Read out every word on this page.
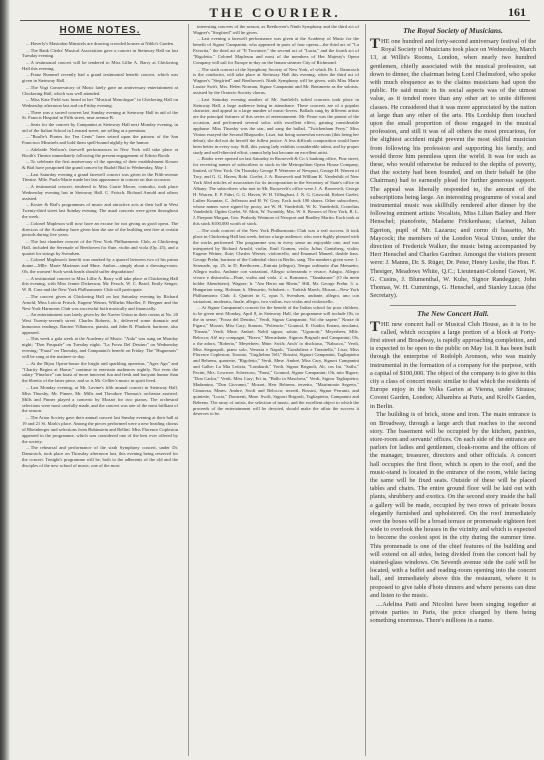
THE COURIER.	161
HOME NOTES.

....Haverly's Mastodon Minstrels are drawing crowded houses at Niblo's Garden.

....The Bank Clerks' Musical Association gave a concert in Steinway Hall on last Tuesday evening.

....A testimonial concert will be tendered to Miss Lillie A. Barry at Chickering Hall this evening.

....Franz Rummel recently had a grand testimonial benefit concert, which was given in Steinway Hall.

....The Vogt Conservatory of Music lately gave an anniversary entertainment at Chickering Hall, which was well attended.

....Miss Kate Field was heard in her "Musical Monologue" in Chickering Hall on Wednesday afternoon last and on Friday evening.

....There was a sacred concert last Sunday evening at Steinway Hall in aid of the St. Francis Hospital in Fifth street, near avenue B.

....Seats for the concert by Campanini at Steinway Hall next Monday evening, in aid of the Italian School in Leonard street, are selling at a premium.

...."Boulle's Pirates for Ten Cents" have seized upon the patrons of the San Francisco Minstrels and hold them spell-bound nightly by the humor.

....Adelaide Neilson's farewell performances in New York will take place at Booth's Theatre immediately following the present engagement of Edwin Booth.

....To celebrate the first anniversary of the opening of their establishment Kosser & Bial have postponed the grand concert by Rudolf Bial to Wednesday, May 1.

....Last Saturday evening a grand farewell concert was given in the Fifth-avenue Theatre. Mlle. Paola-Marie made her last appearance in concert on that occasion.

....A testimonial concert, tendered to Miss Carrie Moore, contralto, took place Wednesday evening last in Steinway Hall. C. Fritsch, Richard Arnold and others assisted.

....Koster & Bial's programmes of music and attractive acts at their hall in West Twenty-third street last Sunday evening. The usual concerts were given throughout the week.

....Colonel Mapleson will now have an excuse for not giving us good opera. The directors of the Academy have given him the use of the building rent free at certain periods during five years.

....The last chamber concert of the New York Philharmonic Club, at Chickering Hall, included the Serenade of Beethoven for flute, violin and viola (Op. 25), and a quartet for strings by Svendsen.

....Colonel Mapleson's benefit was marked by a quarrel between two of his prima donne—Mlle. Marie Marimon and Mme. Ambre—simply about a dressing-room. Oh, the women! Such weak heads should suffer degradation!

....A testimonial concert to Miss Lillie A. Barry will take place at Chickering Hall this evening, with Miss Jennie Dickerson, Mr. Fessch, W. C. Baird, Emily Senger, W. R. Case and the New York Philharmonic Club will participate.

....The concert given at Chickering Hall on last Saturday evening by Richard Arnold, Miss Leticia Fritsch, Eugene Weiner, Wilhelm Mueller, F. Bergner and the New York Harmonic Club was successful both musically and financially.

....An entertainment was lately given by the Xavier Union in their rooms at No. 20 West Twenty-seventh street. Charles Roberts, Jr., delivered some dramatic and humorous readings, Ranieri Villanova, pianist, and John R. Plunkett, baritone, also appeared.

....This week a gala week at the Academy of Music. "Aida" was sung on Monday night; "Don Pasquale" on Tuesday night; "La Forza Del Destino" on Wednesday evening; "Faust" on Thursday, and Campanini's benefit on Friday. The "Huguenots" will be sung at the matinee to-day.

....At the Bijou Opera-house the bright and sparkling operettas, "Ages Ago" and "Charity Begins at Home," continue to entertain audiences nightly. Not even the salary "Pinafore" can boast of more innocent fun and fresh and buoyant humor than the libretto of the latter piece, and so is Mr. Cellier's music in spirit lived.

....Last Monday evening, at Mr. Lavine's fifth annual concert in Steinway Hall, Miss Thursby, Mr. Pinner, Mr. Mills and Theodore Thomas's orchestra assisted. Mills and Pinner played a concerto by Mozart for two pianos. The orchestral selections were most carefully made, and the concert was one of the most brilliant of the season.

....The Arion Society gave their annual concert last Sunday evening at their hall at 19 and 21 St. Mark's place. Among the pieces performed were a new heading chorus of Rheinberger and selections from Rubinstein and Bellini. Miss Florence Copleston appeared in the programme, which was considered one of the best ever offered by the society.

....The rehearsal and performance of the sixth Symphony concert, under Dr. Damrosch, took place on Thursday afternoon last, this evening being reserved for the concert. Tonight's programme will be, both to the adherents of the old and the disciples of the new school of music, one of the most

interesting concerts of the season, as Beethoven's Ninth Symphony and the third act of Wagner's "Siegfried" will be given.

....Last evening a farewell performance was given at the Academy of Music for the benefit of Signor Campanini, who appeared in parts of four operas—the third act of "La Favorita," the third act of "Il Trovatore," the second act of "Lucia," and the fourth act of "Rigoletto." Colonel Mapleson and most of the members of Her Majesty's Opera Company will sail for Europe to-day on the Inman steamer City of Richmond.

....The sixth concert of the Symphony Society of New York, of which Dr. L. Damrosch is the conductor, will take place at Steinway Hall this evening, when the third act of Wagner's "Siegfried" and Beethoven's Ninth Symphony will be given, with Miss Marie Louise Swift, Mrs. Helen Norman, Signor Campanini and Mr. Remmertz as the soloists, assisted by the Oratorio Society chorus.

....Last Saturday evening another of Mr. Sanfield's tufted concerts took place in Steinway Hall, a large audience being in attendance. These concerts are of a popular character, and appeal to a large number of music-lovers. Ballads sung by different artists are the principal features of this series of entertainment. Mr. Pease was the pianist of the occasion, and performed several solos with excellent effect, gaining considerable applause. Miss Thursby was the star, and sang the ballad, "Twickenham Ferry." Miss Vinton essayed the Second Rhapsodie, Liszt, but being somewhat nervous (this being her debut), she did not do herself the fullest justice. A less difficult composition would have been better in every way. Still, this young lady exhibits considerable talent, and by proper study and well-directed effort, cannot help but become an excellent artist.

....Books were opened on last Saturday in Roosevelt & Co.'s banking office, Pine street, for receiving names of subscribers to stock in the Metropolitan Opera House Company, limited, of New York. On Thursday George P. Wetmore of Newport, George H. Warren of Troy, and G. G. Haven, Robt. Goelet, J. A. Roosevelt and William K. Vanderbilt of New York filed articles of association for its incorporation in the Secretary of State's office in Albany. The subscribers who met in Mr. Roosevelt's office were J. A. Roosevelt, George H. Warren, E. P. Fabri, G. G. Haven, W. H. Tillinghast, J. N. G. Griswold, Robert Goelet, Luther Kountze, C. Jefferson and H. W. Gray. Each took 100 shares. Other subscribers, whose names were signed by proxy, are W. H. Vanderbilt, W. K. Vanderbilt, Cornelius Vanderbilt, Ogden Goelet, W. Mott, W. Twombly, Mrs. W. S. Bowers of New York, R. L. J. Pierpont Morgan, Geo. Peabody Wetmore of Newport and Bradley Martin. Each took at this stock $100,000 worth of stock.

....The sixth concert of the New York Philharmonic Club was a real success. It took place in Chickering Hall last week, before a large audience, who were highly pleased with the works performed. The programme was in every sense an enjoyable one, and was interpreted by Richard Arnold, violin; Emil Gramm, viola; Julius Gantzberg, violin; Eugene Weiner, flute; Charles Werner, violoncello, and Emanuel Manzel, double bass. George Prehn, baritone of the Cathedral choir in Berlin, sang. The numbers given were: 1. Serenade, op. 25, in D, Beethoven—Entrata (allegro), Tempo ordinario d'un Menuetto, Allegro molto, Andante con variazioni, Allegro scherzando e vivace, Adagio, Allegro vivace e disinvolto—Flute, violin and viola. 2. a. Romance, "Tannhauser" (O du mein holder Abendstern), Wagner; b. "Am Herrn am Rhein," Hill, Mr. George Prehn. 3. a. Hungarian song, Hofman; b. Menuetto, Schubert; c. Turkish March, Mozart—New York Philharmonic Club. 4. Quintet in C, opus 5, Svendsen, andante, allegro, uno con variazioni, moderato, finale, allegro, two violins, two violas and violoncello.

....At Signor Campanini's concert for the benefit of the Italian school for poor children, to be given next Monday, April 8, in Steinway Hall, the programme will include Oh, to the in sense; "Forza del Destino," Verdi, Signor Campanini; Vol che sapete," Nozze di Figaro," Mozart, Miss Cary; Stanzas, "Polieucte," Gounod, E. Ouidio; Ernani, involami, "Ernani," Verdi, Mme. Ambré; Nobil signor, salute, "Ugonotti," Meyerbeer, Mlle. Belocca; Ah! my compagni, "Bravo," Mercadante, Signors Brignoli and Campanini; Oh, o the adora, "Roberto," Meyerbeer, Mme. Swift; Anch' io dischiuso, "Nabucco," Verdi, Miss Stegnapali; piano solo, Venezia e Napoli, "Gondoliera e Tarantella," Liszt, Miss Florence Copleston; Toronto, "Guglielmo Tell," Rossini, Signori Campanini, Tagliapietra and Behrens, quartette, "Rigoletto," Verdi, Mme. Ambré, Miss Cary, Signori Campanini and Galbe; La Mia Letizia, "Lombardi," Verdi, Signor Brignoli; Ah, cos Ini, "Saffo," Pacini, Mrs. Lowrore; Scherzoso, "Faust," Gounod, Signor Campanini; Oh, mio Rigore, "Don Carlos," Verdi, Miss Cary; Eri tu, "Ballo in Maschera," Verdi, Signor Tagliapietra; Madamina, "Don Giovanni," Mozart, Herr Behrens; terzetto, "Matrimonio Segreto," Cimarosa, Mmes. Ambre, Swift and Belocca; terzettl, Rossini, Signor Ferranti, and quintette, "Lucia," Donizetti, Mme. Swift, Signori Brignoli, Tagliapietra, Campanini and Behrens. The array of artists, the selection of music, and the excellent object to which the proceeds of the entertainment will be devoted, should make the affair the success it deserves to be.

The Royal Society of Musicians.

THE one hundred and forty-second anniversary festival of the Royal Society of Musicians took place on Wednesday, March 13, at Willis's Rooms, London, when nearly two hundred gentlemen, chiefly associated with the musical profession, sat down to dinner, the chairman being Lord Chelmsford, who spoke with much eloquence as to the claims musicians had upon the public. He said music in its social aspects was of the utmost value, as it tended more than any other art to unite different classes. He considered that it was more appreciated by the nation at large than any other of the arts. His Lordship then touched upon the small proportion of those engaged in the musical profession, and still it was of all others the most precarious, for the slightest accident might prevent the most skillful musician from following his profession and supporting his family, and would throw him penniless upon the world. It was for such as these, who would otherwise be reduced to the depths of poverty, that the society had been founded, and on their behalf he (the Chairman) had to earnestly plead for further generous support. The appeal was liberally responded to, the amount of the subscriptions being large. An interesting programme of vocal and instrumental music was skillfully rendered after dinner by the following eminent artists: Vocalists, Miss Lilian Bailey and Herr Henschel; pianoforte, Madame Frickenhaus; clarinet, Julian Egerton, pupil of Mr. Lazarus; and corno di bassetto, Mr. Maycock; the members of the London Vocal Union, under the direction of Frederick Walker, the music being accompanied by Herr Henschel and Charles Gardner. Amongst the visitors present were: J. Manns, Dr. S. Rüger, Dr. Peter, Henry Leslie, the Hon. F. Thesiger, Meadows White, Q.C.; Lieutenant-Colonel Gowet, W. G. Cusins, J. Blumenthal, W. Kuhe, Signor Randegger, John Thomas, W. H. Cummings, G. Henschel, and Stanley Lucas (the Secretary).

The New Concert Hall.

THE new concert hall or Musical Club House, as it is to be called, which occupies a large portion of a block at Forty-first street and Broadway, is rapidly approaching completion, and is expected to be open to the public on May 1st. It has been built through the enterprise of Rodolph Aronson, who was mainly instrumental in the formation of a company for the purpose, with a capital of $100,000. The object of the company is to give to this city a class of concert music similar to that which the residents of Europe enjoy in the Volks Garten at Vienna, under Strauss; Covent Garden, London; Alhambra at Paris, and Kroll's Garden, in Berlin.

The building is of brick, stone and iron. The main entrance is on Broadway, through a large arch that reaches to the second story. The basement will be occupied by the kitchen, pantries, store-room and servants' offices. On each side of the entrance are parlors for ladies and gentlemen, cloak-rooms and the offices of the manager, treasurer, directors and other officials. A concert hall occupies the first floor, which is open to the roof, and the music-stand is located in the entrance of the room, while facing the same will be fixed seats. Outside of these will be placed tables and chairs. The entire ground floor will be laid out with plants, shrubbery and exotics. On the second story inside the hall a gallery will be made, occupied by two rows of private boxes elegantly furnished and upholstered. On the roof immediately over the boxes will be a broad terrace or promenade eighteen feet wide to overlook the houses in the vicinity and which is expected to become the coolest spot in the city during the summer time. This promenade is one of the chief features of the building and will extend on all sides, being divided from the concert hall by stained-glass windows. On Seventh avenue side the café will be located, with a buffet and reading-room opening into the concert hall, and immediately above this the restaurant, where it is proposed to give table d'hote dinners and where persons can dine and listen to the music.

....Adelina Patti and Nicolini have been singing together at private parties in Paris, the price charged by them being something enormous. There's millions in a name.
